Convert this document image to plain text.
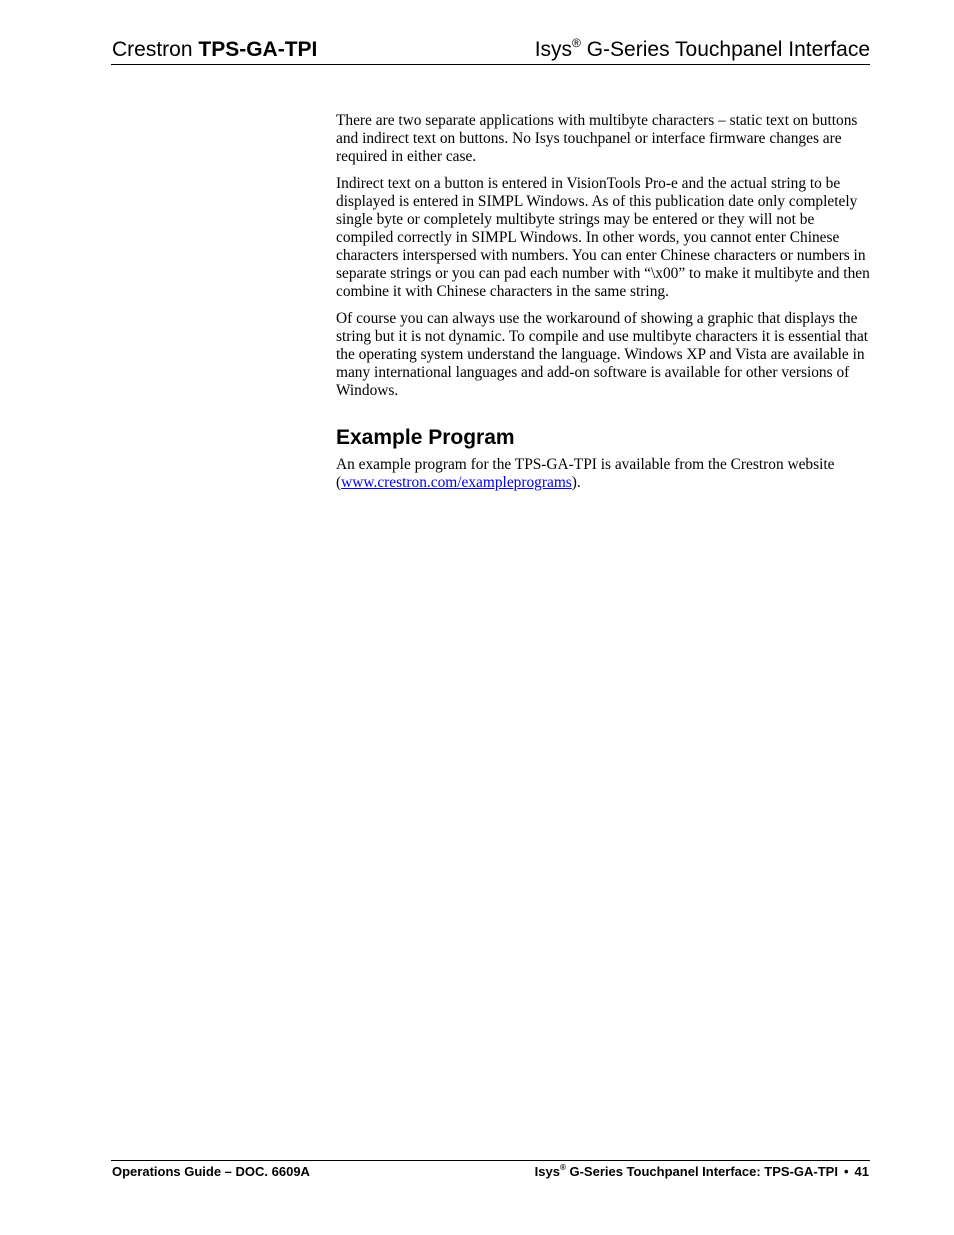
Crestron TPS-GA-TPI	Isys® G-Series Touchpanel Interface

There are two separate applications with multibyte characters – static text on buttons and indirect text on buttons. No Isys touchpanel or interface firmware changes are required in either case.

Indirect text on a button is entered in VisionTools Pro-e and the actual string to be displayed is entered in SIMPL Windows. As of this publication date only completely single byte or completely multibyte strings may be entered or they will not be compiled correctly in SIMPL Windows. In other words, you cannot enter Chinese characters interspersed with numbers. You can enter Chinese characters or numbers in separate strings or you can pad each number with “\x00” to make it multibyte and then combine it with Chinese characters in the same string.

Of course you can always use the workaround of showing a graphic that displays the string but it is not dynamic. To compile and use multibyte characters it is essential that the operating system understand the language. Windows XP and Vista are available in many international languages and add-on software is available for other versions of Windows.

Example Program

An example program for the TPS-GA-TPI is available from the Crestron website (www.crestron.com/exampleprograms).

Operations Guide – DOC. 6609A	Isys® G-Series Touchpanel Interface: TPS-GA-TPI • 41
